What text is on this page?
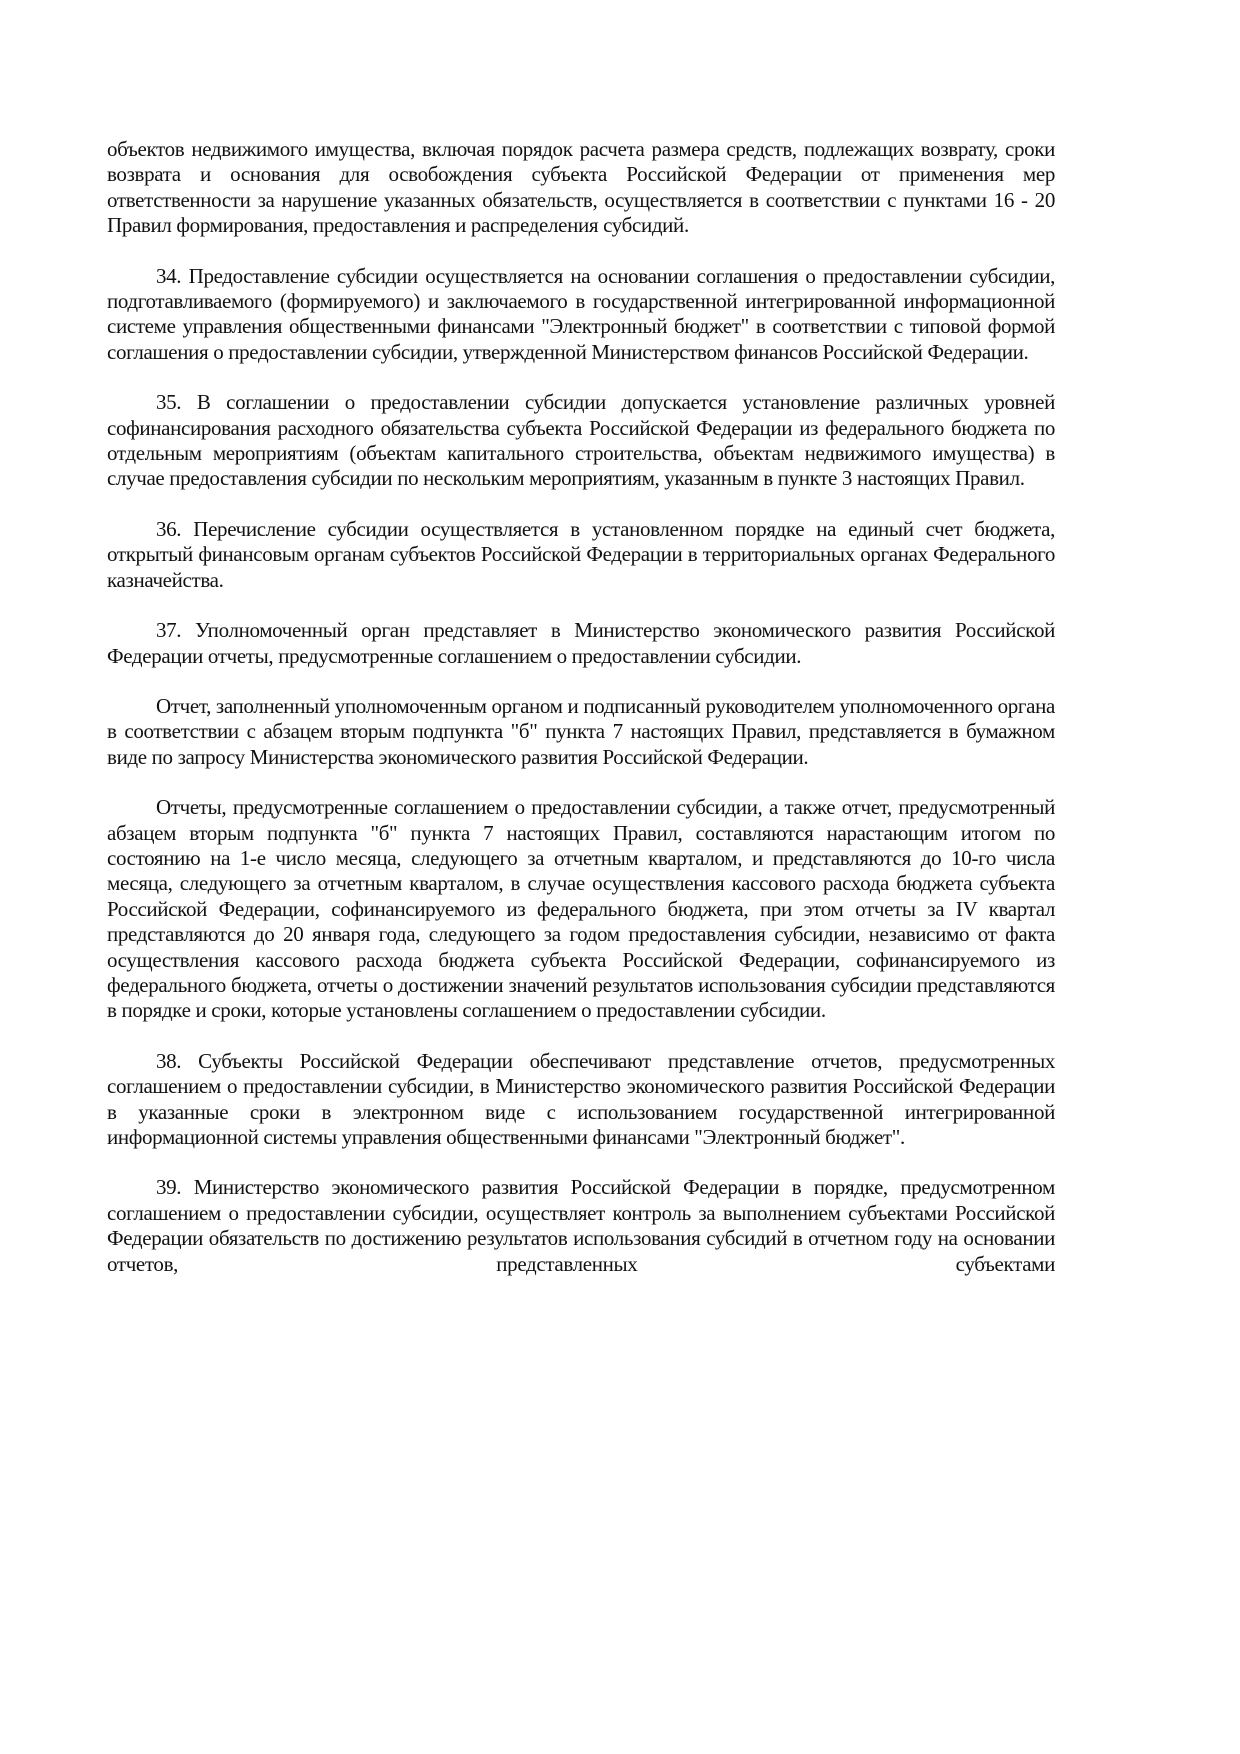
объектов недвижимого имущества, включая порядок расчета размера средств, подлежащих возврату, сроки возврата и основания для освобождения субъекта Российской Федерации от применения мер ответственности за нарушение указанных обязательств, осуществляется в соответствии с пунктами 16 - 20 Правил формирования, предоставления и распределения субсидий.

34. Предоставление субсидии осуществляется на основании соглашения о предоставлении субсидии, подготавливаемого (формируемого) и заключаемого в государственной интегрированной информационной системе управления общественными финансами "Электронный бюджет" в соответствии с типовой формой соглашения о предоставлении субсидии, утвержденной Министерством финансов Российской Федерации.

35. В соглашении о предоставлении субсидии допускается установление различных уровней софинансирования расходного обязательства субъекта Российской Федерации из федерального бюджета по отдельным мероприятиям (объектам капитального строительства, объектам недвижимого имущества) в случае предоставления субсидии по нескольким мероприятиям, указанным в пункте 3 настоящих Правил.

36. Перечисление субсидии осуществляется в установленном порядке на единый счет бюджета, открытый финансовым органам субъектов Российской Федерации в территориальных органах Федерального казначейства.

37. Уполномоченный орган представляет в Министерство экономического развития Российской Федерации отчеты, предусмотренные соглашением о предоставлении субсидии.

Отчет, заполненный уполномоченным органом и подписанный руководителем уполномоченного органа в соответствии с абзацем вторым подпункта "б" пункта 7 настоящих Правил, представляется в бумажном виде по запросу Министерства экономического развития Российской Федерации.

Отчеты, предусмотренные соглашением о предоставлении субсидии, а также отчет, предусмотренный абзацем вторым подпункта "б" пункта 7 настоящих Правил, составляются нарастающим итогом по состоянию на 1-е число месяца, следующего за отчетным кварталом, и представляются до 10-го числа месяца, следующего за отчетным кварталом, в случае осуществления кассового расхода бюджета субъекта Российской Федерации, софинансируемого из федерального бюджета, при этом отчеты за IV квартал представляются до 20 января года, следующего за годом предоставления субсидии, независимо от факта осуществления кассового расхода бюджета субъекта Российской Федерации, софинансируемого из федерального бюджета, отчеты о достижении значений результатов использования субсидии представляются в порядке и сроки, которые установлены соглашением о предоставлении субсидии.

38. Субъекты Российской Федерации обеспечивают представление отчетов, предусмотренных соглашением о предоставлении субсидии, в Министерство экономического развития Российской Федерации в указанные сроки в электронном виде с использованием государственной интегрированной информационной системы управления общественными финансами "Электронный бюджет".

39. Министерство экономического развития Российской Федерации в порядке, предусмотренном соглашением о предоставлении субсидии, осуществляет контроль за выполнением субъектами Российской Федерации обязательств по достижению результатов использования субсидий в отчетном году на основании отчетов, представленных субъектами
